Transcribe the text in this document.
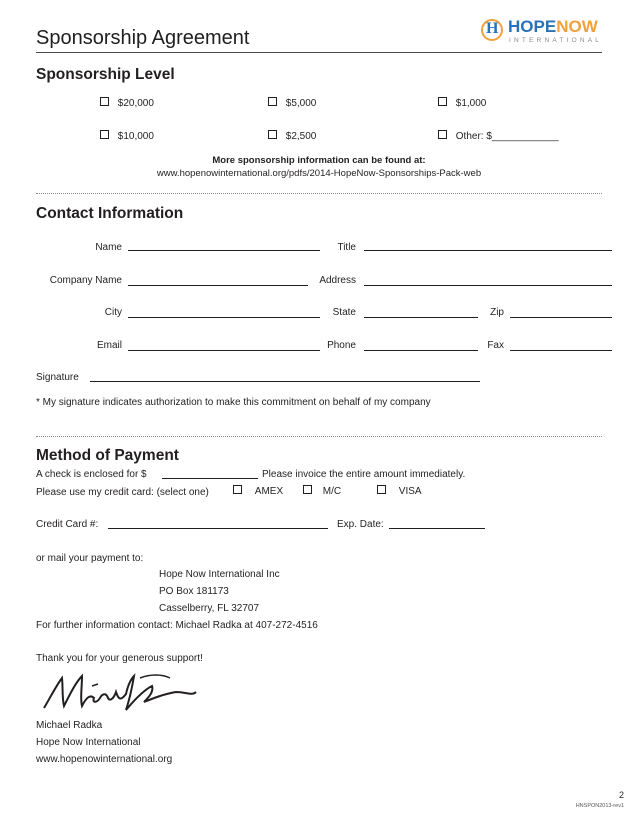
Sponsorship Agreement	H HOPENOW
INTERNATIONAL
Sponsorship Level
$20,000	$5,000	$1,000
$10,000	$2,500	Other: $____________
More sponsorship information can be found at:
www.hopenowinternational.org/pdfs/2014-HopeNow-Sponsorships-Pack-web
Contact Information
Name	Title
Company Name	Address
City	State	Zip
Email	Phone	Fax
Signature
* My signature indicates authorization to make this commitment on behalf of my company
Method of Payment
A check is enclosed for $	Please invoice the entire amount immediately.
Please use my credit card: (select one)	AMEX	M/C	VISA
Credit Card #:	Exp. Date:
or mail your payment to:
Hope Now International Inc
PO Box 181173
Casselberry, FL 32707
For further information contact: Michael Radka at 407-272-4516
Thank you for your generous support!
Michael Radka
Hope Now International
www.hopenowinternational.org
2
HNSPON2013-rev1
